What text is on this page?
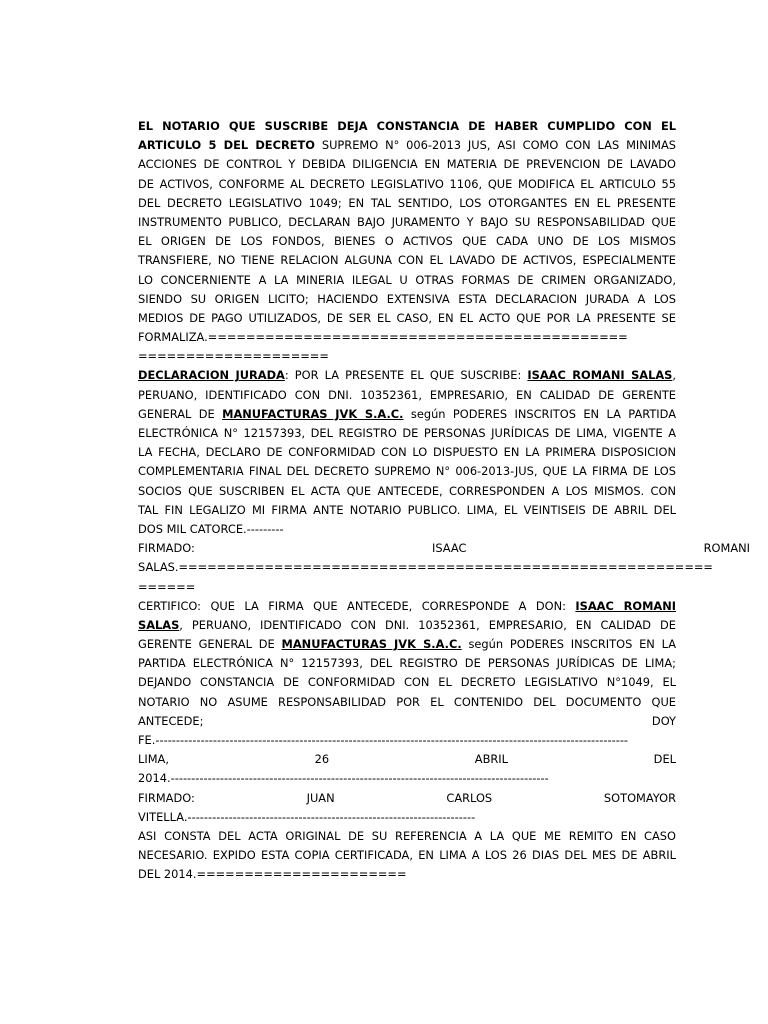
EL NOTARIO QUE SUSCRIBE DEJA CONSTANCIA DE HABER CUMPLIDO CON EL
ARTICULO 5 DEL DECRETO SUPREMO N° 006-2013 JUS, ASI COMO CON LAS MINIMAS
ACCIONES DE CONTROL Y DEBIDA DILIGENCIA EN MATERIA DE PREVENCION DE LAVADO
DE ACTIVOS, CONFORME AL DECRETO LEGISLATIVO 1106, QUE MODIFICA EL ARTICULO 55
DEL DECRETO LEGISLATIVO 1049; EN TAL SENTIDO, LOS OTORGANTES EN EL PRESENTE
INSTRUMENTO PUBLICO, DECLARAN BAJO JURAMENTO Y BAJO SU RESPONSABILIDAD QUE
EL ORIGEN DE LOS FONDOS, BIENES O ACTIVOS QUE CADA UNO DE LOS MISMOS
TRANSFIERE, NO TIENE RELACION ALGUNA CON EL LAVADO DE ACTIVOS, ESPECIALMENTE
LO CONCERNIENTE A LA MINERIA ILEGAL U OTRAS FORMAS DE CRIMEN ORGANIZADO,
SIENDO SU ORIGEN LICITO; HACIENDO EXTENSIVA ESTA DECLARACION JURADA A LOS
MEDIOS DE PAGO UTILIZADOS, DE SER EL CASO, EN EL ACTO QUE POR LA PRESENTE SE
FORMALIZA.============================================
====================
DECLARACION JURADA: POR LA PRESENTE EL QUE SUSCRIBE: ISAAC ROMANI SALAS,
PERUANO, IDENTIFICADO CON DNI. 10352361, EMPRESARIO, EN CALIDAD DE GERENTE
GENERAL DE MANUFACTURAS JVK S.A.C. según PODERES INSCRITOS EN LA PARTIDA
ELECTRÓNICA N° 12157393, DEL REGISTRO DE PERSONAS JURÍDICAS DE LIMA, VIGENTE A
LA FECHA, DECLARO DE CONFORMIDAD CON LO DISPUESTO EN LA PRIMERA DISPOSICION
COMPLEMENTARIA FINAL DEL DECRETO SUPREMO N° 006-2013-JUS, QUE LA FIRMA DE LOS
SOCIOS QUE SUSCRIBEN EL ACTA QUE ANTECEDE, CORRESPONDEN A LOS MISMOS. CON
TAL FIN LEGALIZO MI FIRMA ANTE NOTARIO PUBLICO. LIMA, EL VEINTISEIS DE ABRIL DEL
DOS MIL CATORCE.---------
FIRMADO: ISAAC ROMANI
SALAS.========================================================
======
CERTIFICO: QUE LA FIRMA QUE ANTECEDE, CORRESPONDE A DON: ISAAC ROMANI
SALAS, PERUANO, IDENTIFICADO CON DNI. 10352361, EMPRESARIO, EN CALIDAD DE
GERENTE GENERAL DE MANUFACTURAS JVK S.A.C. según PODERES INSCRITOS EN LA
PARTIDA ELECTRÓNICA N° 12157393, DEL REGISTRO DE PERSONAS JURÍDICAS DE LIMA;
DEJANDO CONSTANCIA DE CONFORMIDAD CON EL DECRETO LEGISLATIVO N°1049, EL
NOTARIO NO ASUME RESPONSABILIDAD POR EL CONTENIDO DEL DOCUMENTO QUE
ANTECEDE; DOY
FE.-------------------------------------------------------------------------------------------------------------------
LIMA, 26 ABRIL DEL
2014.--------------------------------------------------------------------------------------------
FIRMADO: JUAN CARLOS SOTOMAYOR
VITELLA.----------------------------------------------------------------------
ASI CONSTA DEL ACTA ORIGINAL DE SU REFERENCIA A LA QUE ME REMITO EN CASO
NECESARIO. EXPIDO ESTA COPIA CERTIFICADA, EN LIMA A LOS 26 DIAS DEL MES DE ABRIL
DEL 2014.======================
